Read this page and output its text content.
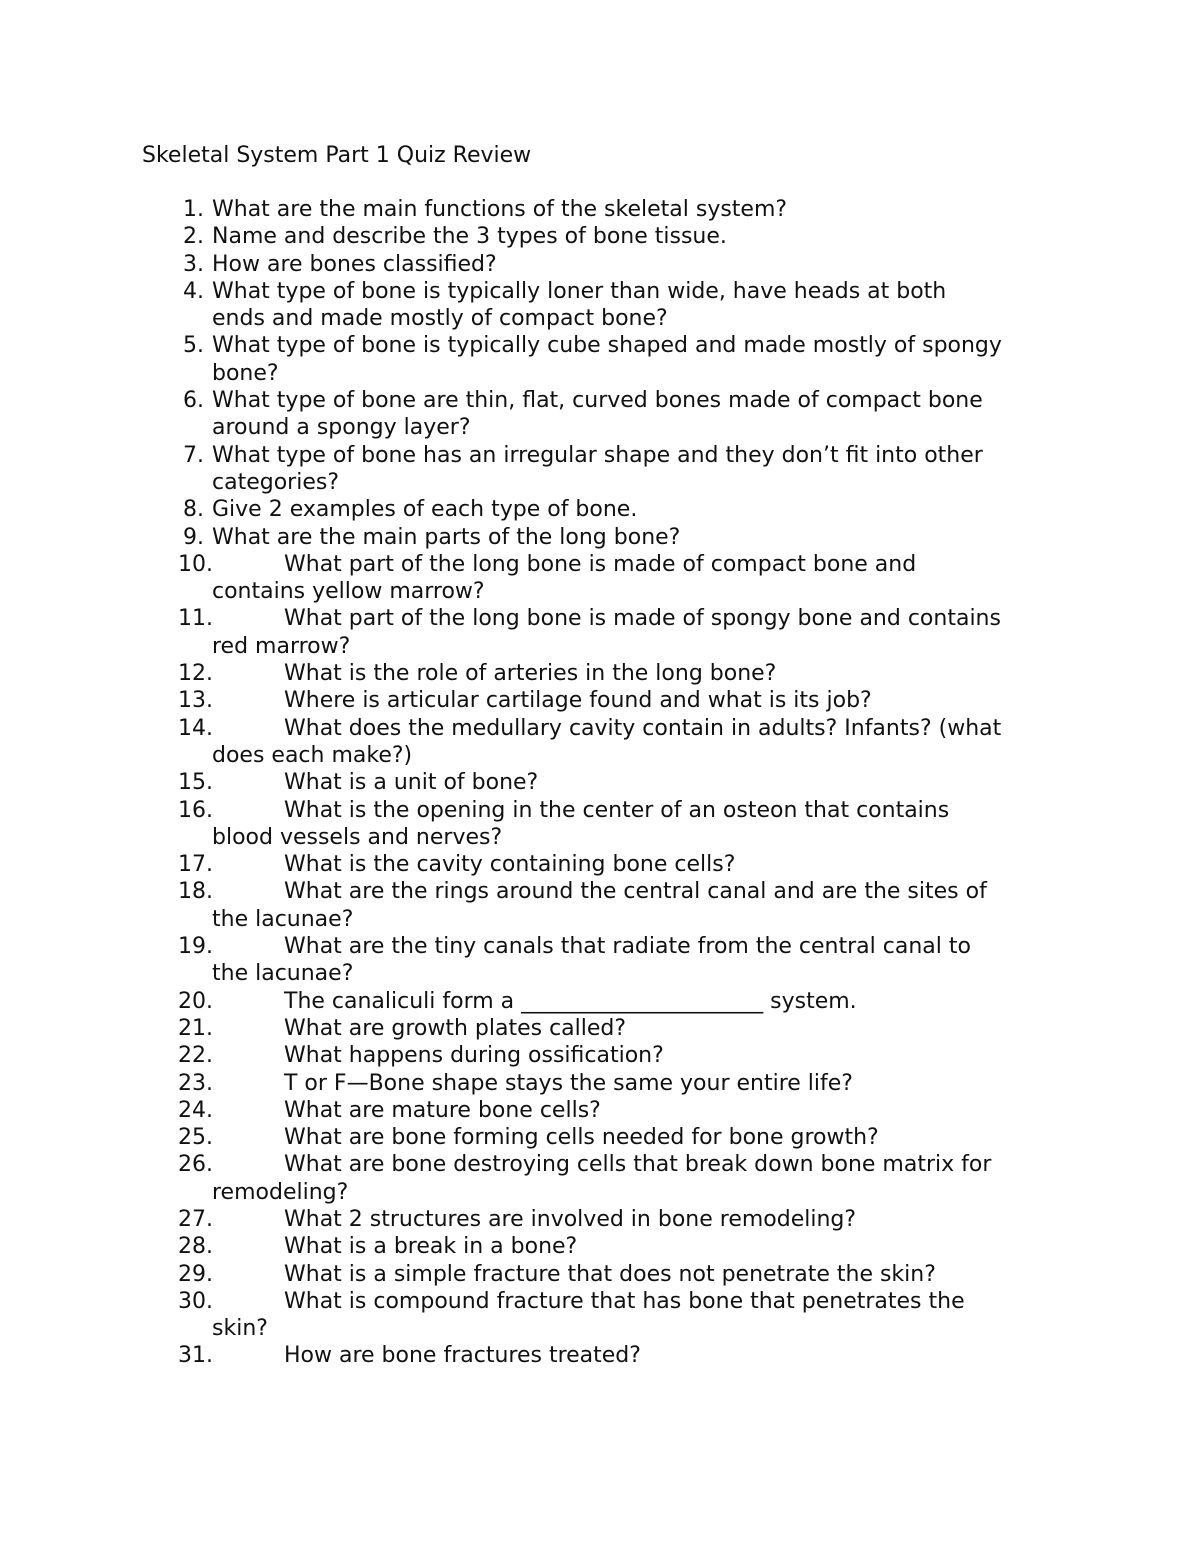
Skeletal System Part 1 Quiz Review
1. What are the main functions of the skeletal system?
2. Name and describe the 3 types of bone tissue.
3. How are bones classified?
4. What type of bone is typically loner than wide, have heads at both
ends and made mostly of compact bone?
5. What type of bone is typically cube shaped and made mostly of spongy
bone?
6. What type of bone are thin, flat, curved bones made of compact bone
around a spongy layer?
7. What type of bone has an irregular shape and they don’t fit into other
categories?
8. Give 2 examples of each type of bone.
9. What are the main parts of the long bone?
10.	What part of the long bone is made of compact bone and
contains yellow marrow?
11.	What part of the long bone is made of spongy bone and contains
red marrow?
12.	What is the role of arteries in the long bone?
13.	Where is articular cartilage found and what is its job?
14.	What does the medullary cavity contain in adults? Infants? (what
does each make?)
15.	What is a unit of bone?
16.	What is the opening in the center of an osteon that contains
blood vessels and nerves?
17.	What is the cavity containing bone cells?
18.	What are the rings around the central canal and are the sites of
the lacunae?
19.	What are the tiny canals that radiate from the central canal to
the lacunae?
20.	The canaliculi form a ______________________ system.
21.	What are growth plates called?
22.	What happens during ossification?
23.	T or F—Bone shape stays the same your entire life?
24.	What are mature bone cells?
25.	What are bone forming cells needed for bone growth?
26.	What are bone destroying cells that break down bone matrix for
remodeling?
27.	What 2 structures are involved in bone remodeling?
28.	What is a break in a bone?
29.	What is a simple fracture that does not penetrate the skin?
30.	What is compound fracture that has bone that penetrates the
skin?
31.	How are bone fractures treated?
